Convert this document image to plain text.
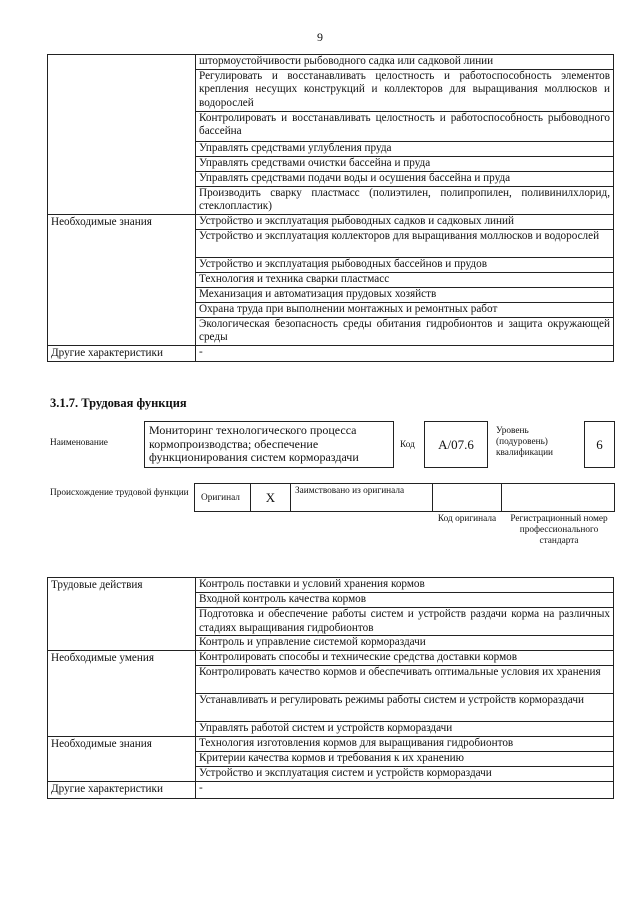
9
	штормоустойчивости рыбоводного садка или садковой линии
	Регулировать и восстанавливать целостность и работоспособность элементов крепления несущих конструкций и коллекторов для выращивания моллюсков и водорослей
	Контролировать и восстанавливать целостность и работоспособность рыбоводного бассейна
	Управлять средствами углубления пруда
	Управлять средствами очистки бассейна и пруда
	Управлять средствами подачи воды и осушения бассейна и пруда
	Производить сварку пластмасс (полиэтилен, полипропилен, поливинилхлорид, стеклопластик)
Необходимые знания	Устройство и эксплуатация рыбоводных садков и садковых линий
	Устройство и эксплуатация коллекторов для выращивания моллюсков и водорослей
	Устройство и эксплуатация рыбоводных бассейнов и прудов
	Технология и техника сварки пластмасс
	Механизация и автоматизация прудовых хозяйств
	Охрана труда при выполнении монтажных и ремонтных работ
	Экологическая безопасность среды обитания гидробионтов и защита окружающей среды
Другие характеристики	-
3.1.7. Трудовая функция
Наименование
Мониторинг технологического процесса кормопроизводства; обеспечение функционирования систем кормораздачи
Код А/07.6
Уровень (подуровень) квалификации
6
Происхождение трудовой функции	Оригинал	X	Заимствовано из оригинала
Код оригинала	Регистрационный номер профессионального стандарта
Трудовые действия	Контроль поставки и условий хранения кормов
	Входной контроль качества кормов
	Подготовка и обеспечение работы систем и устройств раздачи корма на различных стадиях выращивания гидробионтов
	Контроль и управление системой кормораздачи
Необходимые умения	Контролировать способы и технические средства доставки кормов
	Контролировать качество кормов и обеспечивать оптимальные условия их хранения
	Устанавливать и регулировать режимы работы систем и устройств кормораздачи
	Управлять работой систем и устройств кормораздачи
Необходимые знания	Технология изготовления кормов для выращивания гидробионтов
	Критерии качества кормов и требования к их хранению
	Устройство и эксплуатация систем и устройств кормораздачи
Другие характеристики	-
